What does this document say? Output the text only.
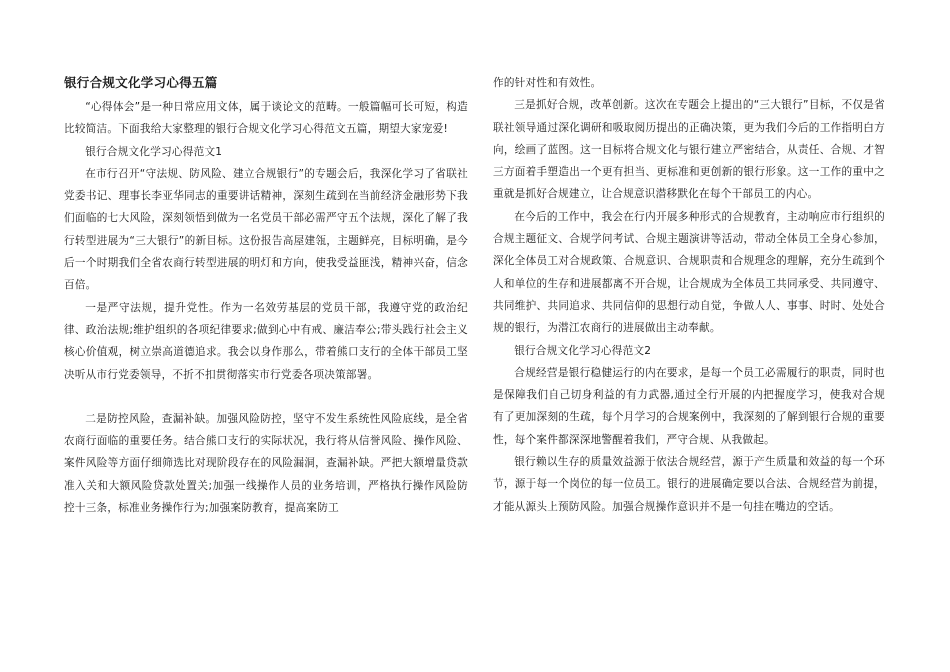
银行合规文化学习心得五篇

“心得体会”是一种日常应用文体，属于谈论文的范畴。一般篇幅可长可短，构造比较简洁。下面我给大家整理的银行合规文化学习心得范文五篇，期望大家宠爱!

银行合规文化学习心得范文1

在市行召开“守法规、防风险、建立合规银行”的专题会后，我深化学习了省联社党委书记、理事长李亚华同志的重要讲话精神，深刻生疏到在当前经济金融形势下我们面临的七大风险，深刻领悟到做为一名党员干部必需严守五个法规，深化了解了我行转型进展为“三大银行”的新目标。这份报告高屋建瓴，主题鲜亮，目标明确，是今后一个时期我们全省农商行转型进展的明灯和方向，使我受益匪浅，精神兴奋，信念百倍。

一是严守法规，提升党性。作为一名效劳基层的党员干部，我遵守党的政治纪律、政治法规;维护组织的各项纪律要求;做到心中有戒、廉洁奉公;带头践行社会主义核心价值观，树立崇高道德追求。我会以身作那么，带着熊口支行的全体干部员工坚决听从市行党委领导，不折不扣贯彻落实市行党委各项决策部署。

二是防控风险，查漏补缺。加强风险防控，坚守不发生系统性风险底线，是全省农商行面临的重要任务。结合熊口支行的实际状况，我行将从信誉风险、操作风险、案件风险等方面仔细筛选比对现阶段存在的风险漏洞，查漏补缺。严把大额增量贷款准入关和大额风险贷款处置关;加强一线操作人员的业务培训，严格执行操作风险防控十三条，标准业务操作行为;加强案防教育，提高案防工

作的针对性和有效性。

三是抓好合规，改革创新。这次在专题会上提出的“三大银行”目标，不仅是省联社领导通过深化调研和吸取阅历提出的正确决策，更为我们今后的工作指明白方向，绘画了蓝图。这一目标将合规文化与银行建立严密结合，从责任、合规、才智三方面着手塑造出一个更有担当、更标准和更创新的银行形象。这一工作的重中之重就是抓好合规建立，让合规意识潜移默化在每个干部员工的内心。

在今后的工作中，我会在行内开展多种形式的合规教育，主动响应市行组织的合规主题征文、合规学问考试、合规主题演讲等活动，带动全体员工全身心参加，深化全体员工对合规政策、合规意识、合规职责和合规理念的理解，充分生疏到个人和单位的生存和进展都离不开合规，让合规成为全体员工共同承受、共同遵守、共同维护、共同追求、共同信仰的思想行动自觉，争做人人、事事、时时、处处合规的银行，为潜江农商行的进展做出主动奉献。

银行合规文化学习心得范文2

合规经营是银行稳健运行的内在要求，是每一个员工必需履行的职责，同时也是保障我们自己切身利益的有力武器,通过全行开展的内把握度学习，使我对合规有了更加深刻的生疏，每个月学习的合规案例中，我深刻的了解到银行合规的重要性，每个案件都深深地警醒着我们，严守合规、从我做起。

银行赖以生存的质量效益源于依法合规经营，源于产生质量和效益的每一个环节，源于每一个岗位的每一位员工。银行的进展确定要以合法、合规经营为前提，才能从源头上预防风险。加强合规操作意识并不是一句挂在嘴边的空话。
